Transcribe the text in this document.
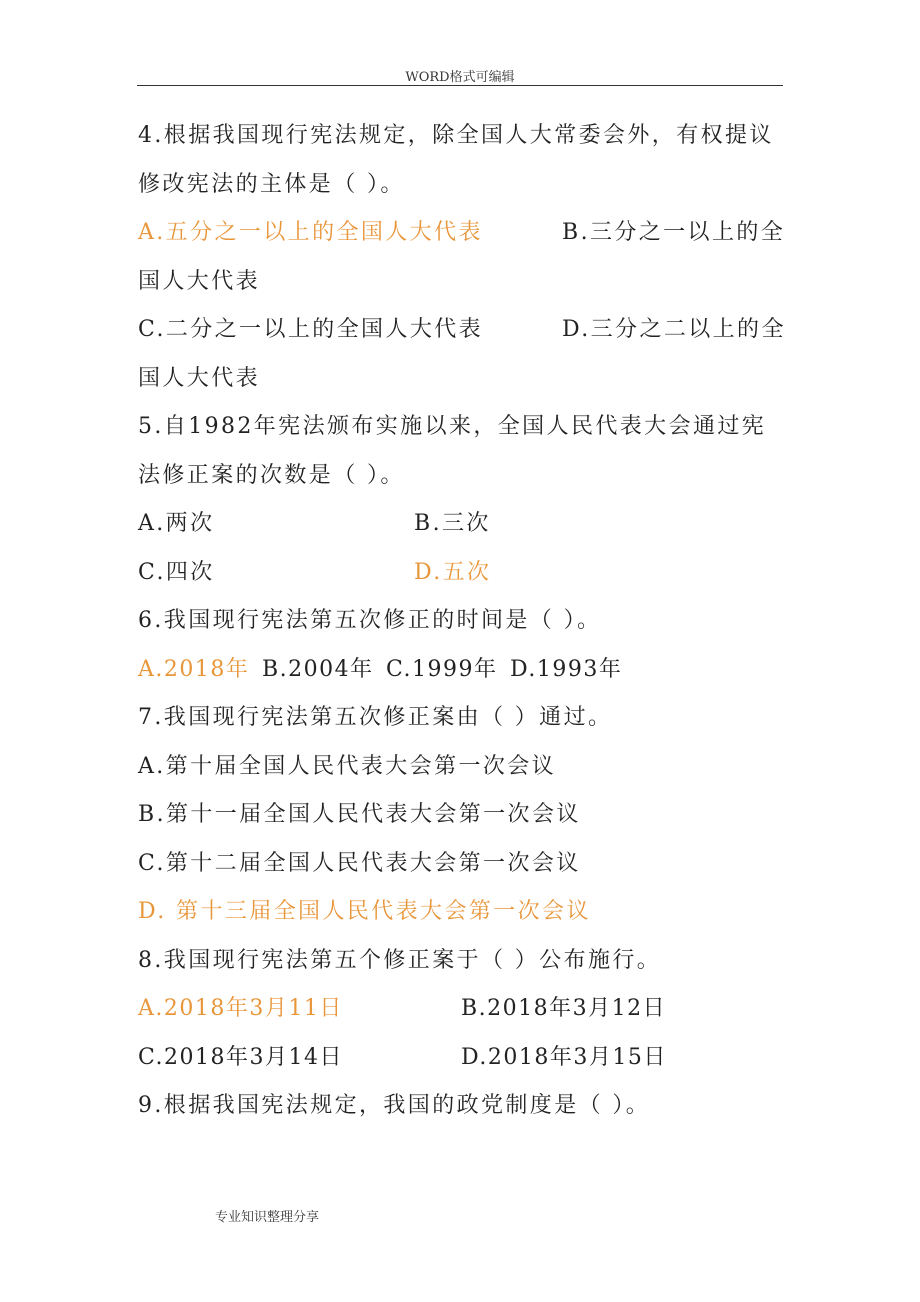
WORD格式可编辑
4.根据我国现行宪法规定，除全国人大常委会外，有权提议
修改宪法的主体是（ ）。
A.五分之一以上的全国人大代表	B.三分之一以上的全
国人大代表
C.二分之一以上的全国人大代表	D.三分之二以上的全
国人大代表
5.自1982年宪法颁布实施以来，全国人民代表大会通过宪
法修正案的次数是（ ）。
A.两次	B.三次
C.四次	D.五次
6.我国现行宪法第五次修正的时间是（ ）。
A.2018年 B.2004年 C.1999年 D.1993年
7.我国现行宪法第五次修正案由（ ）通过。
A.第十届全国人民代表大会第一次会议
B.第十一届全国人民代表大会第一次会议
C.第十二届全国人民代表大会第一次会议
D. 第十三届全国人民代表大会第一次会议
8.我国现行宪法第五个修正案于（ ）公布施行。
A.2018年3月11日	B.2018年3月12日
C.2018年3月14日	D.2018年3月15日
9.根据我国宪法规定，我国的政党制度是（ ）。
专业知识整理分享
